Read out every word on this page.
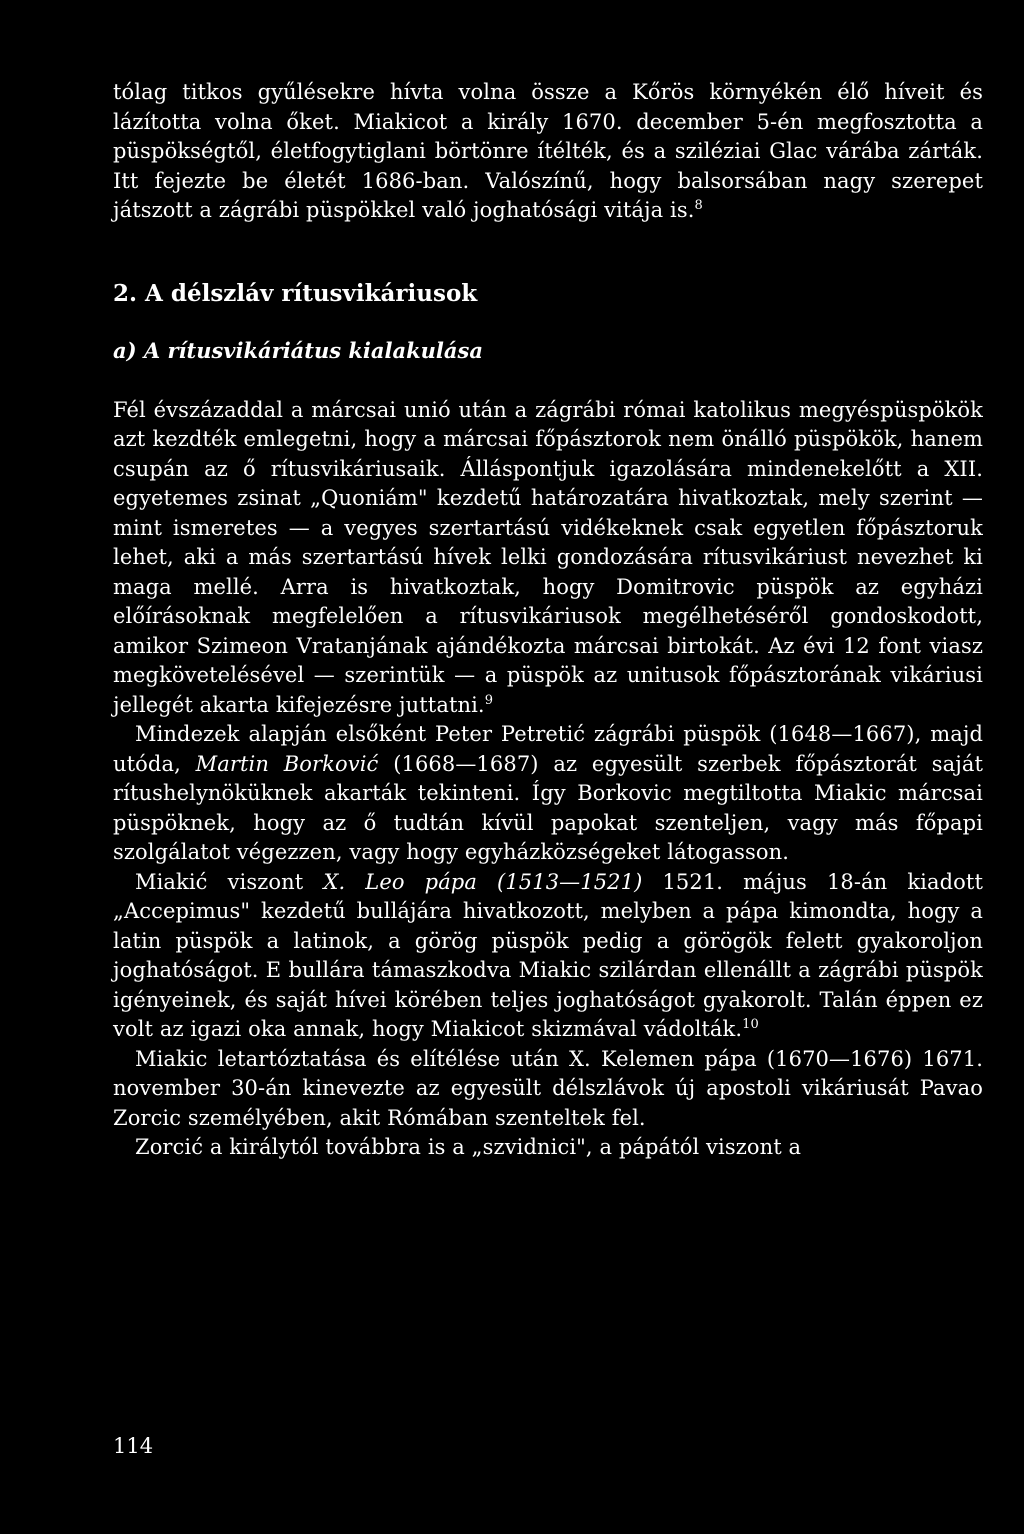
tólag titkos gyűlésekre hívta volna össze a Kőrös környékén élő híveit és lázította volna őket. Miakicot a király 1670. december 5-én megfosztotta a püspökségtől, életfogytiglani börtönre ítélték, és a sziléziai Glac várába zárták. Itt fejezte be életét 1686-ban. Valószínű, hogy balsorsában nagy szerepet játszott a zágrábi püspökkel való joghatósági vitája is.$^8$

2. A délszláv rítusvikáriusok
a) A rítusvikáriátus kialakulása

Fél évszázaddal a márcsai unió után a zágrábi római katolikus megyéspüspökök azt kezdték emlegetni, hogy a márcsai főpásztorok nem önálló püspökök, hanem csupán az ő rítusvikáriusaik. Álláspontjuk igazolására mindenekelőtt a XII. egyetemes zsinat „Quoniám" kezdetű határozatára hivatkoztak, mely szerint — mint ismeretes — a vegyes szertartású vidékeknek csak egyetlen főpásztoruk lehet, aki a más szertartású hívek lelki gondozására rítusvikáriust nevezhet ki maga mellé. Arra is hivatkoztak, hogy Domitrovic püspök az egyházi előírásoknak megfelelően a rítusvikáriusok megélhetéséről gondoskodott, amikor Szimeon Vratanjának ajándékozta márcsai birtokát. Az évi 12 font viasz megkövetelésével — szerintük — a püspök az unitusok főpásztorának vikáriusi jellegét akarta kifejezésre juttatni.$^9$

Mindezek alapján elsőként Peter Petretić zágrábi püspök (1648—1667), majd utóda, Martin Borković (1668—1687) az egyesült szerbek főpásztorát saját rítushelynöküknek akarták tekinteni. Így Borkovic megtiltotta Miakic márcsai püspöknek, hogy az ő tudtán kívül papokat szenteljen, vagy más főpapi szolgálatot végezzen, vagy hogy egyházközségeket látogasson.

Miakić viszont X. Leo pápa (1513—1521) 1521. május 18-án kiadott „Accepimus" kezdetű bullájára hivatkozott, melyben a pápa kimondta, hogy a latin püspök a latinok, a görög püspök pedig a görögök felett gyakoroljon joghatóságot. E bullára támaszkodva Miakic szilárdan ellenállt a zágrábi püspök igényeinek, és saját hívei körében teljes joghatóságot gyakorolt. Talán éppen ez volt az igazi oka annak, hogy Miakicot skizmával vádolták.$^{10}$

Miakic letartóztatása és elítélése után X. Kelemen pápa (1670—1676) 1671. november 30-án kinevezte az egyesült délszlávok új apostoli vikáriusát Pavao Zorcic személyében, akit Rómában szenteltek fel.

Zorcić a királytól továbbra is a „szvidnici", a pápától viszont a

114
